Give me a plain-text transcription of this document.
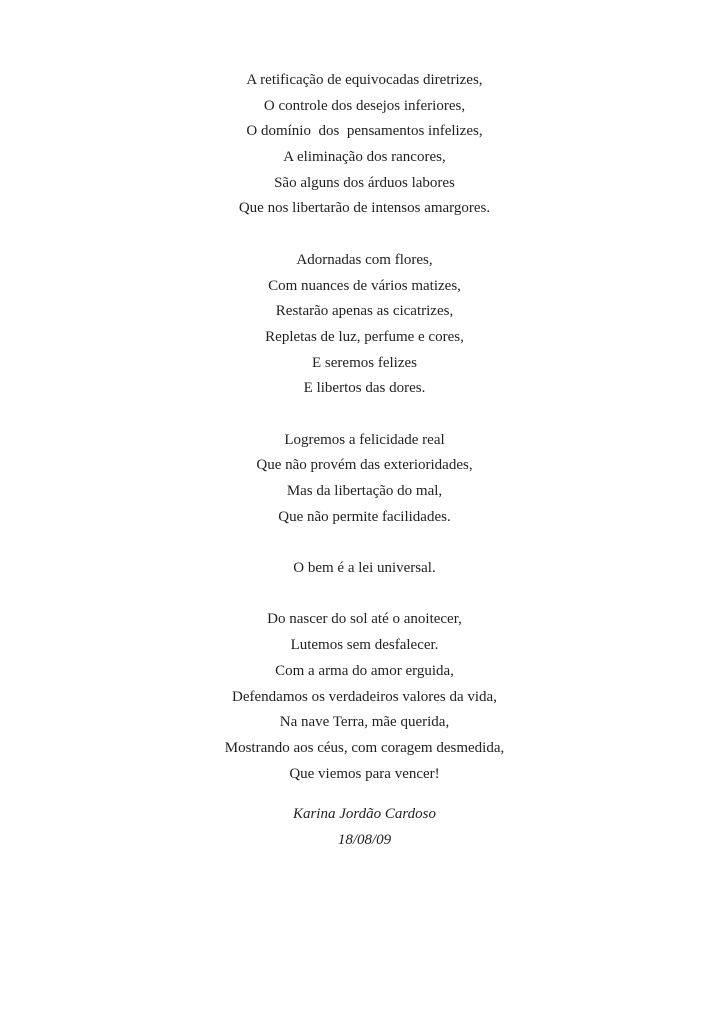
A retificação de equivocadas diretrizes,
O controle dos desejos inferiores,
O domínio  dos  pensamentos infelizes,
A eliminação dos rancores,
São alguns dos árduos labores
Que nos libertarão de intensos amargores.
Adornadas com flores,
Com nuances de vários matizes,
Restarão apenas as cicatrizes,
Repletas de luz, perfume e cores,
E seremos felizes
E libertos das dores.
Logremos a felicidade real
Que não provém das exterioridades,
Mas da libertação do mal,
Que não permite facilidades.
O bem é a lei universal.
Do nascer do sol até o anoitecer,
Lutemos sem desfalecer.
Com a arma do amor erguida,
Defendamos os verdadeiros valores da vida,
Na nave Terra, mãe querida,
Mostrando aos céus, com coragem desmedida,
Que viemos para vencer!
Karina Jordão Cardoso
18/08/09
